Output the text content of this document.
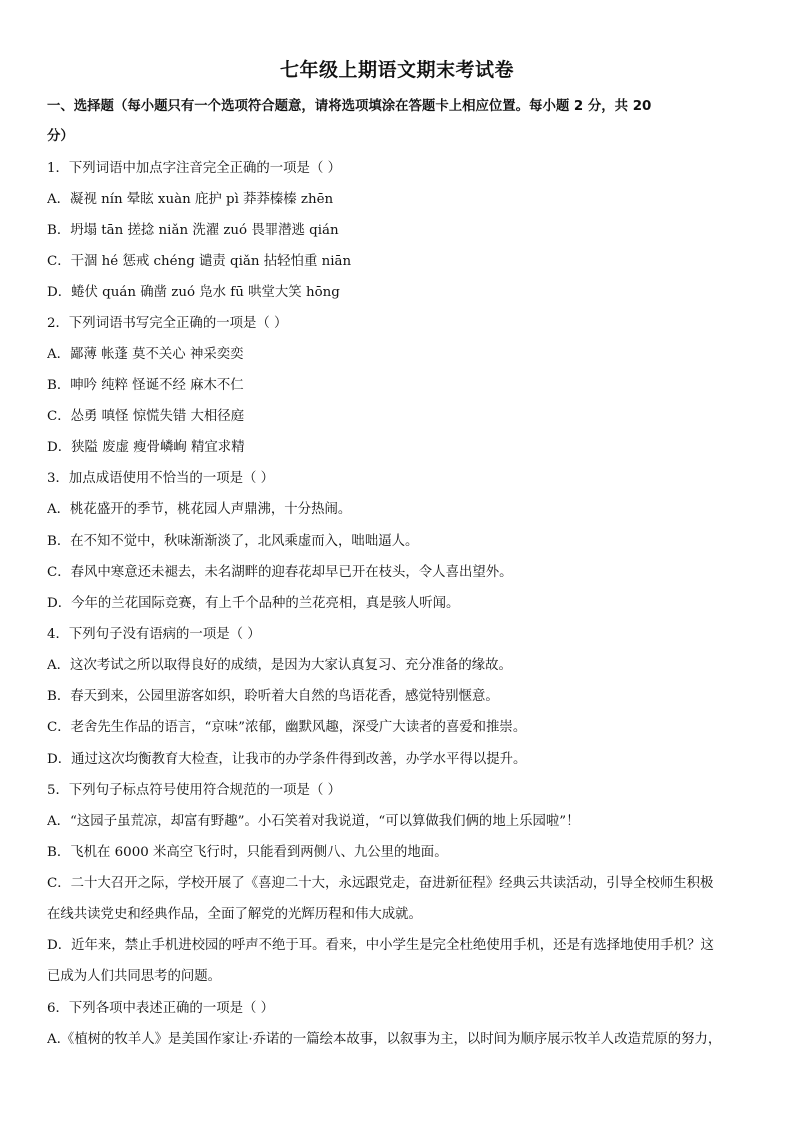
七年级上期语文期末考试卷
一、选择题（每小题只有一个选项符合题意，请将选项填涂在答题卡上相应位置。每小题 2 分，共 20
分）
1．下列词语中加点字注音完全正确的一项是（ ）
A．凝视 nín 晕眩 xuàn 庇护 pì 莽莽榛榛 zhēn
B．坍塌 tān 搓捻 niǎn 洗濯 zuó 畏罪潜逃 qián
C．干涸 hé 惩戒 chéng 谴责 qiǎn 拈轻怕重 niān
D．蜷伏 quán 确凿 zuó 凫水 fū 哄堂大笑 hōng
2．下列词语书写完全正确的一项是（ ）
A．鄙薄 帐蓬 莫不关心 神采奕奕
B．呻吟 纯粹 怪诞不经 麻木不仁
C．怂勇 嗔怪 惊慌失错 大相径庭
D．狭隘 废虚 瘦骨嶙峋 精宜求精
3．加点成语使用不恰当的一项是（ ）
A．桃花盛开的季节，桃花园人声鼎沸，十分热闹。
B．在不知不觉中，秋味渐渐淡了，北风乘虚而入，咄咄逼人。
C．春风中寒意还未褪去，未名湖畔的迎春花却早已开在枝头，令人喜出望外。
D．今年的兰花国际竞赛，有上千个品种的兰花亮相，真是骇人听闻。
4．下列句子没有语病的一项是（ ）
A．这次考试之所以取得良好的成绩，是因为大家认真复习、充分准备的缘故。
B．春天到来，公园里游客如织，聆听着大自然的鸟语花香，感觉特别惬意。
C．老舍先生作品的语言，“京味”浓郁，幽默风趣，深受广大读者的喜爱和推崇。
D．通过这次均衡教育大检查，让我市的办学条件得到改善，办学水平得以提升。
5．下列句子标点符号使用符合规范的一项是（ ）
A．“这园子虽荒凉，却富有野趣”。小石笑着对我说道，“可以算做我们俩的地上乐园啦”！
B．飞机在 6000 米高空飞行时，只能看到两侧八、九公里的地面。
C．二十大召开之际，学校开展了《喜迎二十大，永远跟党走，奋进新征程》经典云共读活动，引导全校师生积极
在线共读党史和经典作品，全面了解党的光辉历程和伟大成就。
D．近年来，禁止手机进校园的呼声不绝于耳。看来，中小学生是完全杜绝使用手机，还是有选择地使用手机？这
已成为人们共同思考的问题。
6．下列各项中表述正确的一项是（ ）
A.《植树的牧羊人》是美国作家让·乔诺的一篇绘本故事，以叙事为主，以时间为顺序展示牧羊人改造荒原的努力，
